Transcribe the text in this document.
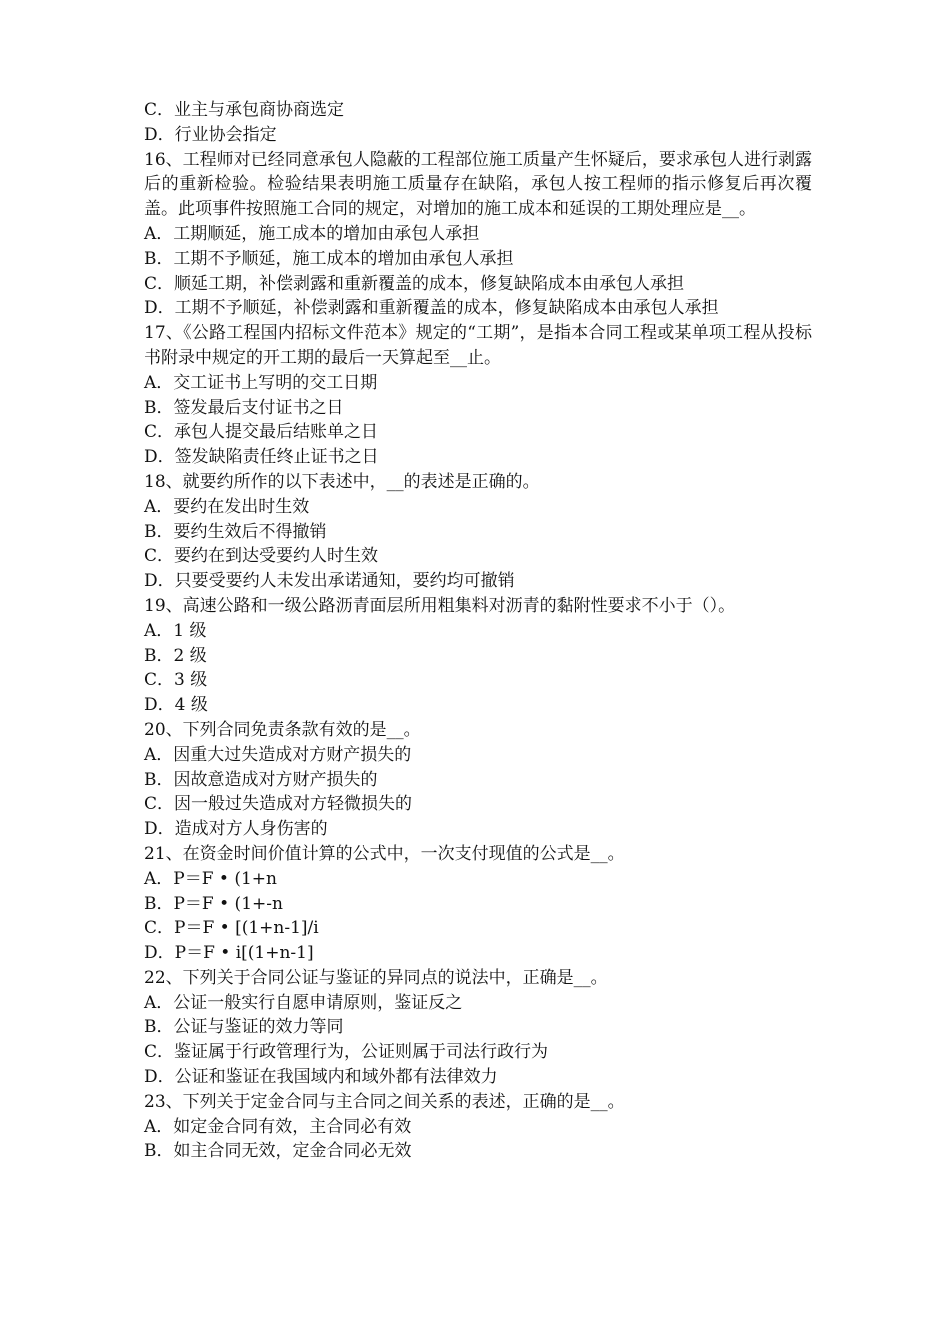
C．业主与承包商协商选定
D．行业协会指定
16、工程师对已经同意承包人隐蔽的工程部位施工质量产生怀疑后，要求承包人进行剥露后的重新检验。检验结果表明施工质量存在缺陷，承包人按工程师的指示修复后再次覆盖。此项事件按照施工合同的规定，对增加的施工成本和延误的工期处理应是__。
A．工期顺延，施工成本的增加由承包人承担
B．工期不予顺延，施工成本的增加由承包人承担
C．顺延工期，补偿剥露和重新覆盖的成本，修复缺陷成本由承包人承担
D．工期不予顺延，补偿剥露和重新覆盖的成本，修复缺陷成本由承包人承担
17、《公路工程国内招标文件范本》规定的“工期”，是指本合同工程或某单项工程从投标书附录中规定的开工期的最后一天算起至__止。
A．交工证书上写明的交工日期
B．签发最后支付证书之日
C．承包人提交最后结账单之日
D．签发缺陷责任终止证书之日
18、就要约所作的以下表述中，__的表述是正确的。
A．要约在发出时生效
B．要约生效后不得撤销
C．要约在到达受要约人时生效
D．只要受要约人未发出承诺通知，要约均可撤销
19、高速公路和一级公路沥青面层所用粗集料对沥青的黏附性要求不小于（）。
A．1 级
B．2 级
C．3 级
D．4 级
20、下列合同免责条款有效的是__。
A．因重大过失造成对方财产损失的
B．因故意造成对方财产损失的
C．因一般过失造成对方轻微损失的
D．造成对方人身伤害的
21、在资金时间价值计算的公式中，一次支付现值的公式是__。
A．P＝F • (1+n
B．P＝F • (1+-n
C．P＝F • [(1+n-1]/i
D．P＝F • i[(1+n-1]
22、下列关于合同公证与鉴证的异同点的说法中，正确是__。
A．公证一般实行自愿申请原则，鉴证反之
B．公证与鉴证的效力等同
C．鉴证属于行政管理行为，公证则属于司法行政行为
D．公证和鉴证在我国域内和域外都有法律效力
23、下列关于定金合同与主合同之间关系的表述，正确的是__。
A．如定金合同有效，主合同必有效
B．如主合同无效，定金合同必无效
